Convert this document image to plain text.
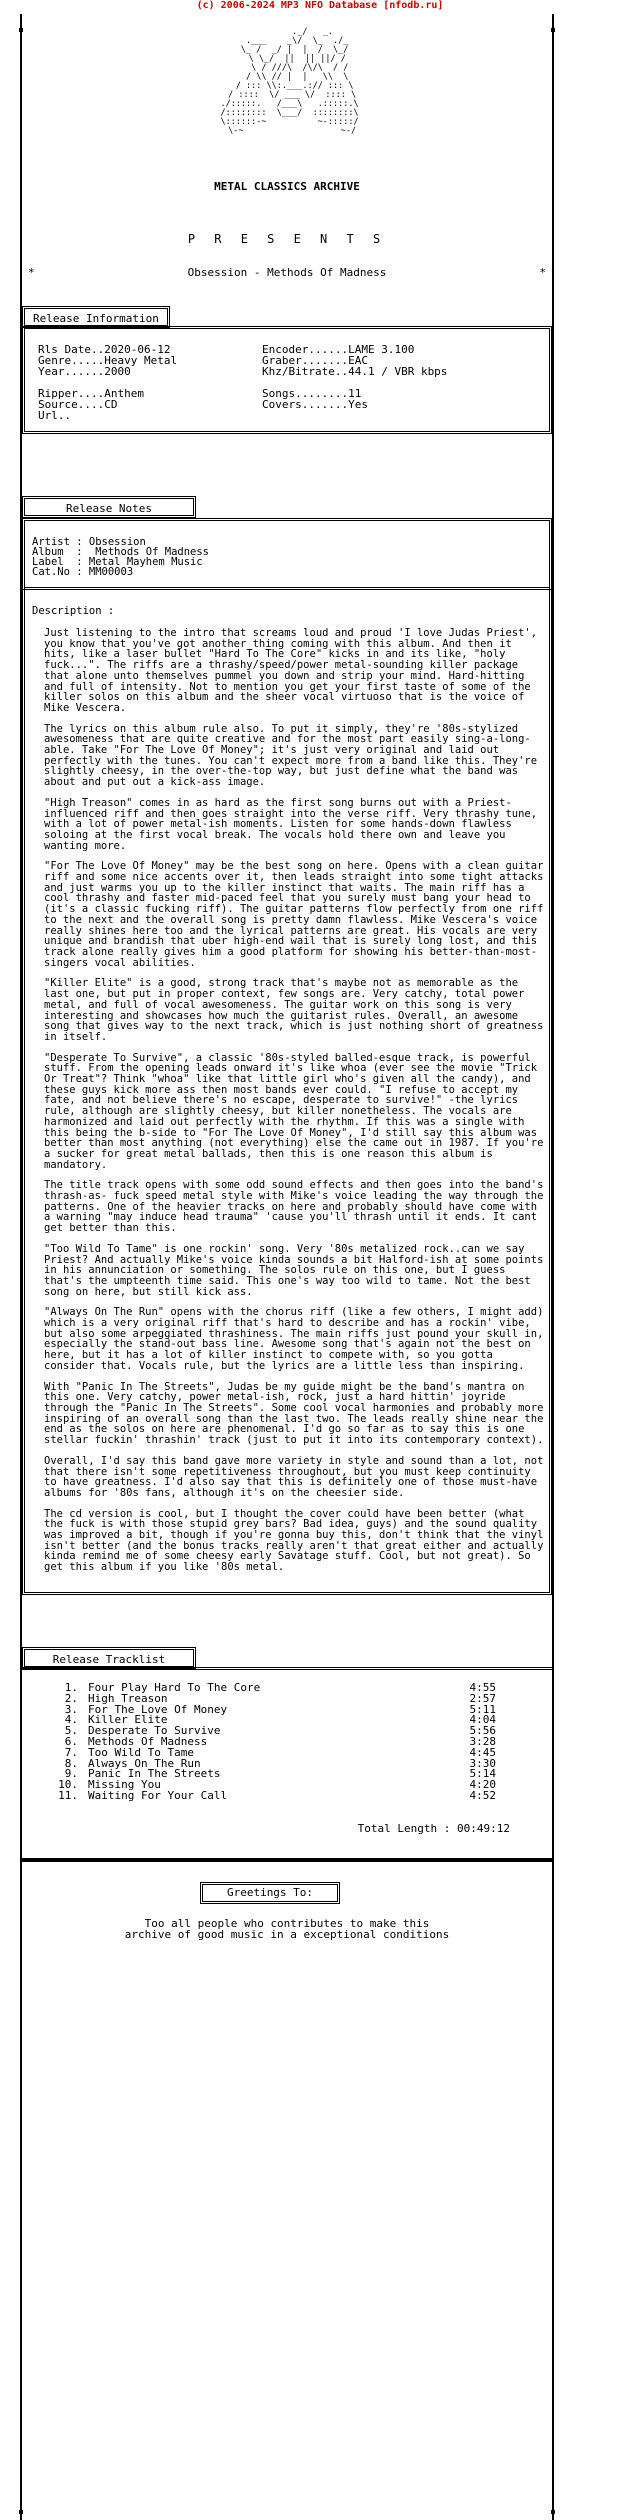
(c) 2006-2024 MP3 NFO Database [nfodb.ru]
._/   _.
.___    _\/  \_  ./_
\_ /  _/ |  |  /  \_/
\ \_/  ||  || ||/ /
\ / ///\  /\/\  / /
/ \\ // |  |   \\  \
/ ::: \\:.___.:// ::: \
/ ::::  \/ ___ \/  :::: \
./:::::.   /___\   .:::::.\
/::::::::  \___/  ::::::::\
\::::::-~          ~-:::::/
\-~                   ~-/
METAL CLASSICS ARCHIVE
P R E S E N T S
*	Obsession - Methods Of Madness	*
Release Information
Rls Date..2020-06-12
Genre.....Heavy Metal
Year......2000
Ripper....Anthem
Source....CD
Url..
Encoder......LAME 3.100
Graber.......EAC
Khz/Bitrate..44.1 / VBR kbps
Songs........11
Covers.......Yes
Release Notes
Artist : Obsession
Album  :  Methods Of Madness
Label  : Metal Mayhem Music
Cat.No : MM00003
Description :

Just listening to the intro that screams loud and proud 'I love Judas Priest', you know that you've got another thing coming with this album. And then it hits, like a laser bullet "Hard To The Core" kicks in and its like, "holy fuck...". The riffs are a thrashy/speed/power metal-sounding killer package that alone unto themselves pummel you down and strip your mind. Hard-hitting and full of intensity. Not to mention you get your first taste of some of the killer solos on this album and the sheer vocal virtuoso that is the voice of Mike Vescera.

The lyrics on this album rule also. To put it simply, they're '80s-stylized awesomeness that are quite creative and for the most part easily sing-a-long-able. Take "For The Love Of Money"; it's just very original and laid out perfectly with the tunes. You can't expect more from a band like this. They're slightly cheesy, in the over-the-top way, but just define what the band was about and put out a kick-ass image.

"High Treason" comes in as hard as the first song burns out with a Priest-influenced riff and then goes straight into the verse riff. Very thrashy tune, with a lot of power metal-ish moments. Listen for some hands-down flawless soloing at the first vocal break. The vocals hold there own and leave you wanting more.

"For The Love Of Money" may be the best song on here. Opens with a clean guitar riff and some nice accents over it, then leads straight into some tight attacks and just warms you up to the killer instinct that waits. The main riff has a cool thrashy and faster mid-paced feel that you surely must bang your head to (it's a classic fucking riff). The guitar patterns flow perfectly from one riff to the next and the overall song is pretty damn flawless. Mike Vescera's voice really shines here too and the lyrical patterns are great. His vocals are very unique and brandish that uber high-end wail that is surely long lost, and this track alone really gives him a good platform for showing his better-than-most-singers vocal abilities.

"Killer Elite" is a good, strong track that's maybe not as memorable as the last one, but put in proper context, few songs are. Very catchy, total power metal, and full of vocal awesomeness. The guitar work on this song is very interesting and showcases how much the guitarist rules. Overall, an awesome song that gives way to the next track, which is just nothing short of greatness in itself.

"Desperate To Survive", a classic '80s-styled balled-esque track, is powerful stuff. From the opening leads onward it's like whoa (ever see the movie "Trick Or Treat"? Think "whoa" like that little girl who's given all the candy), and these guys kick more ass then most bands ever could. "I refuse to accept my fate, and not believe there's no escape, desperate to survive!" -the lyrics rule, although are slightly cheesy, but killer nonetheless. The vocals are harmonized and laid out perfectly with the rhythm. If this was a single with this being the b-side to "For The Love Of Money", I'd still say this album was better than most anything (not everything) else the came out in 1987. If you're a sucker for great metal ballads, then this is one reason this album is mandatory.

The title track opens with some odd sound effects and then goes into the band's thrash-as- fuck speed metal style with Mike's voice leading the way through the patterns. One of the heavier tracks on here and probably should have come with a warning "may induce head trauma" 'cause you'll thrash until it ends. It cant get better than this.

"Too Wild To Tame" is one rockin' song. Very '80s metalized rock..can we say Priest? And actually Mike's voice kinda sounds a bit Halford-ish at some points in his annunciation or something. The solos rule on this one, but I guess that's the umpteenth time said. This one's way too wild to tame. Not the best song on here, but still kick ass.

"Always On The Run" opens with the chorus riff (like a few others, I might add) which is a very original riff that's hard to describe and has a rockin' vibe, but also some arpeggiated thrashiness. The main riffs just pound your skull in, especially the stand-out bass line. Awesome song that's again not the best on here, but it has a lot of killer instinct to compete with, so you gotta consider that. Vocals rule, but the lyrics are a little less than inspiring.

With "Panic In The Streets", Judas be my guide might be the band's mantra on this one. Very catchy, power metal-ish, rock, just a hard hittin' joyride through the "Panic In The Streets". Some cool vocal harmonies and probably more inspiring of an overall song than the last two. The leads really shine near the end as the solos on here are phenomenal. I'd go so far as to say this is one stellar fuckin' thrashin' track (just to put it into its contemporary context).

Overall, I'd say this band gave more variety in style and sound than a lot, not that there isn't some repetitiveness throughout, but you must keep continuity to have greatness. I'd also say that this is definitely one of those must-have albums for '80s fans, although it's on the cheesier side.

The cd version is cool, but I thought the cover could have been better (what the fuck is with those stupid grey bars? Bad idea, guys) and the sound quality was improved a bit, though if you're gonna buy this, don't think that the vinyl isn't better (and the bonus tracks really aren't that great either and actually kinda remind me of some cheesy early Savatage stuff. Cool, but not great). So get this album if you like '80s metal.

Release Tracklist
1. Four Play Hard To The Core	4:55
2. High Treason	2:57
3. For The Love Of Money	5:11
4. Killer Elite	4:04
5. Desperate To Survive	5:56
6. Methods Of Madness	3:28
7. Too Wild To Tame	4:45
8. Always On The Run	3:30
9. Panic In The Streets	5:14
10. Missing You	4:20
11. Waiting For Your Call	4:52
Total Length : 00:49:12
Greetings To:
Too all people who contributes to make this
archive of good music in a exceptional conditions
